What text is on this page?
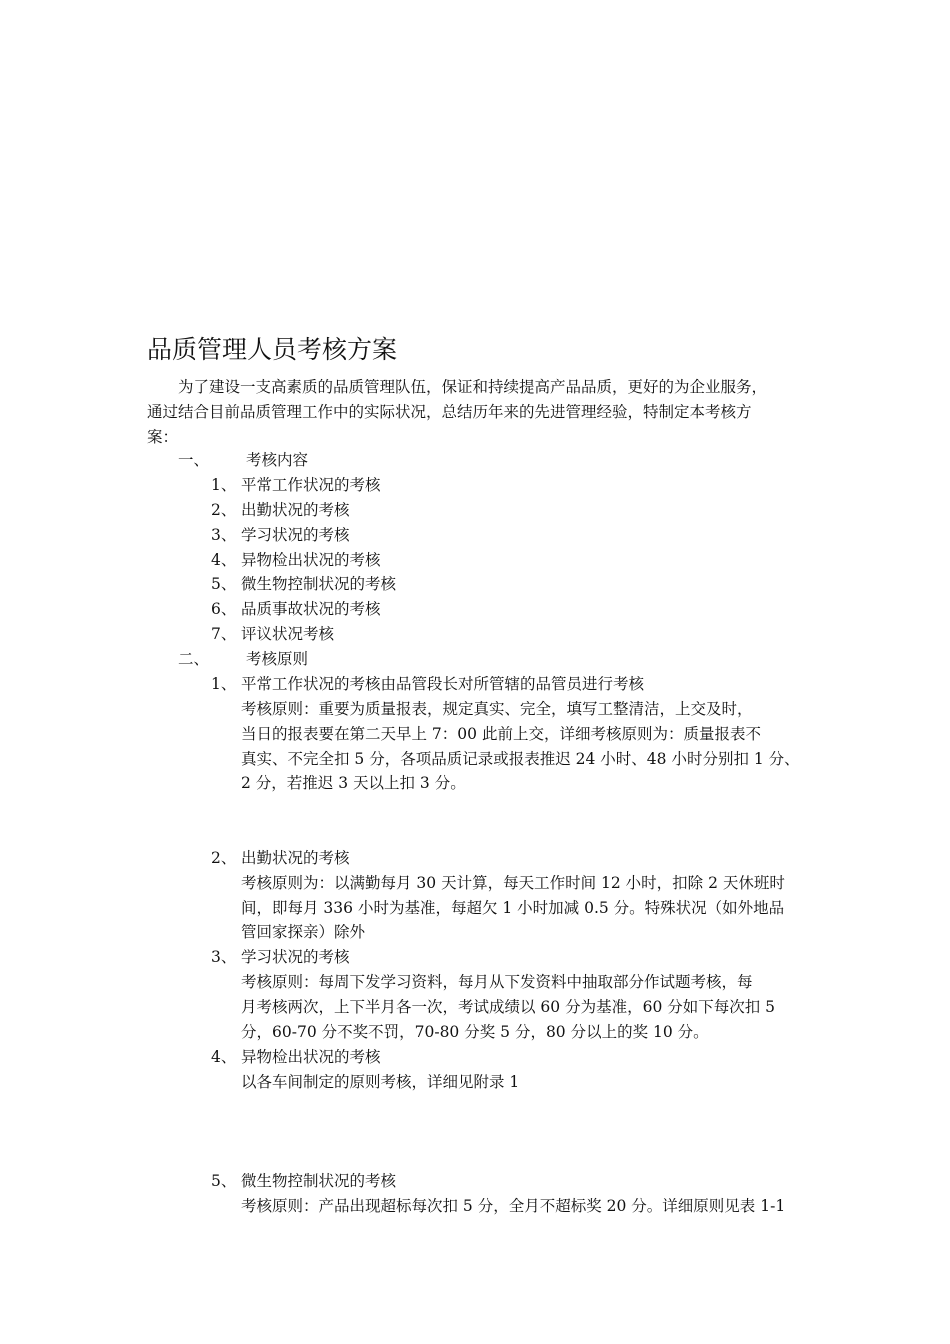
品质管理人员考核方案

为了建设一支高素质的品质管理队伍，保证和持续提高产品品质，更好的为企业服务，

通过结合目前品质管理工作中的实际状况，总结历年来的先进管理经验，特制定本考核方

案：

一、 考核内容
1、 平常工作状况的考核
2、 出勤状况的考核
3、 学习状况的考核
4、 异物检出状况的考核
5、 微生物控制状况的考核
6、 品质事故状况的考核
7、 评议状况考核
二、 考核原则
1、 平常工作状况的考核由品管段长对所管辖的品管员进行考核
考核原则：重要为质量报表，规定真实、完全，填写工整清洁，上交及时，
当日的报表要在第二天早上 7：00 此前上交，详细考核原则为：质量报表不
真实、不完全扣 5 分，各项品质记录或报表推迟 24 小时、48 小时分别扣 1 分、
2 分，若推迟 3 天以上扣 3 分。
2、 出勤状况的考核
考核原则为：以满勤每月 30 天计算，每天工作时间 12 小时，扣除 2 天休班时
间，即每月 336 小时为基准，每超欠 1 小时加减 0.5 分。特殊状况（如外地品
管回家探亲）除外
3、 学习状况的考核
考核原则：每周下发学习资料，每月从下发资料中抽取部分作试题考核，每
月考核两次，上下半月各一次，考试成绩以 60 分为基准，60 分如下每次扣 5
分，60-70 分不奖不罚，70-80 分奖 5 分，80 分以上的奖 10 分。
4、 异物检出状况的考核
以各车间制定的原则考核，详细见附录 1
5、 微生物控制状况的考核
考核原则：产品出现超标每次扣 5 分，全月不超标奖 20 分。详细原则见表 1-1
